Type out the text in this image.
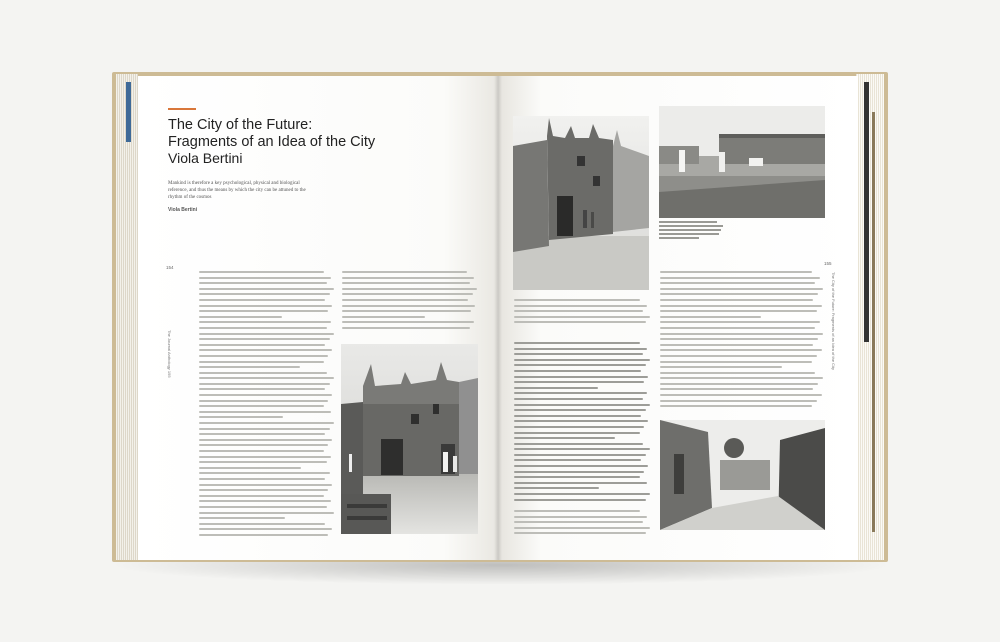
The City of the Future:
Fragments of an Idea of the City
Viola Bertini
Mankind is therefore a key psychological, physical and biological reference, and thus the means by which the city can be attuned to the rhythm of the cosmos
Viola Bertini
154
The Journal Anthology 195
155
The City of the Future: Fragments of an Idea of the City
